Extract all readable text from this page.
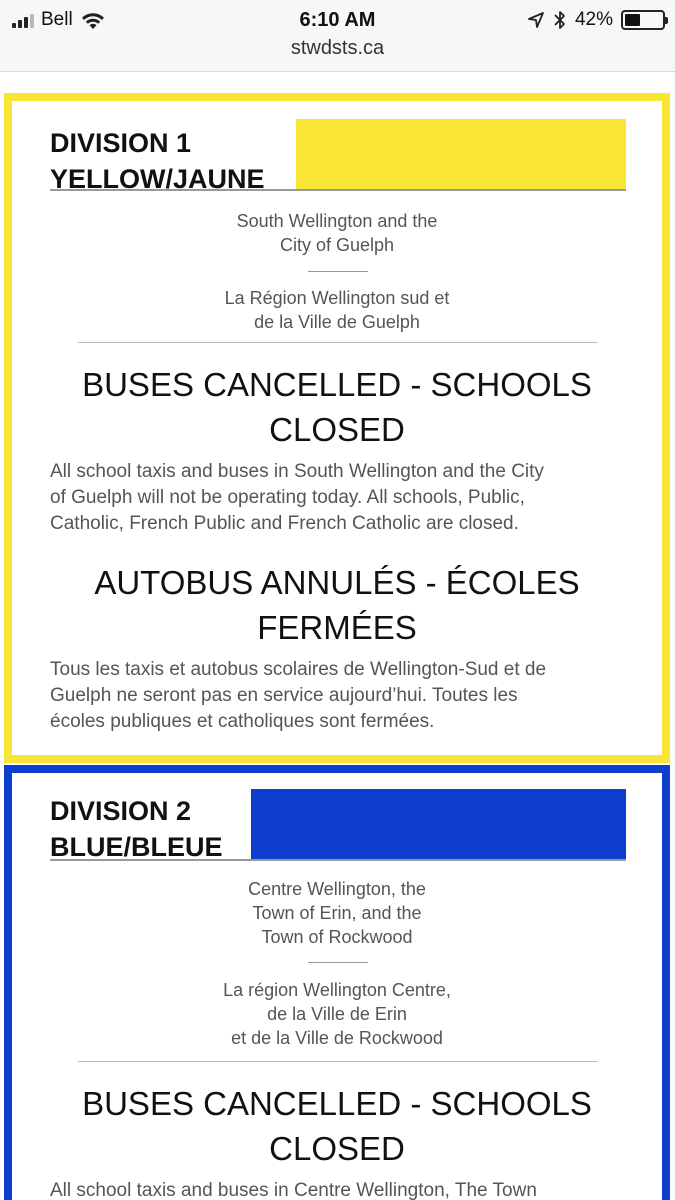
Bell	6:10 AM	42%
stwdsts.ca
DIVISION 1
YELLOW/JAUNE
South Wellington and the
City of Guelph
La Région Wellington sud et
de la Ville de Guelph
BUSES CANCELLED - SCHOOLS
CLOSED
All school taxis and buses in South Wellington and the City
of Guelph will not be operating today. All schools, Public,
Catholic, French Public and French Catholic are closed.
AUTOBUS ANNULÉS - ÉCOLES
FERMÉES
Tous les taxis et autobus scolaires de Wellington-Sud et de
Guelph ne seront pas en service aujourd’hui. Toutes les
écoles publiques et catholiques sont fermées.
DIVISION 2
BLUE/BLEUE
Centre Wellington, the
Town of Erin, and the
Town of Rockwood
La région Wellington Centre,
de la Ville de Erin
et de la Ville de Rockwood
BUSES CANCELLED - SCHOOLS
CLOSED
All school taxis and buses in Centre Wellington, The Town
